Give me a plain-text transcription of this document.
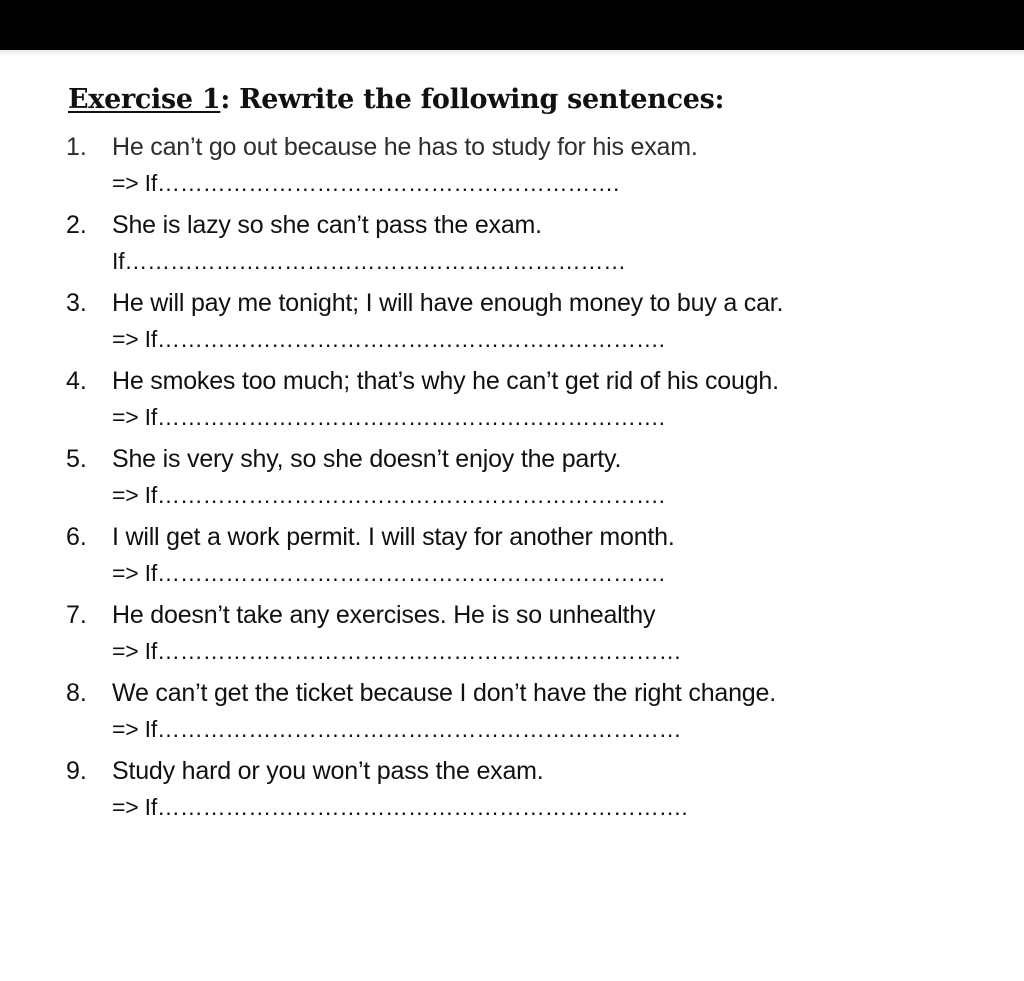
Exercise 1: Rewrite the following sentences:
1. He can’t go out because he has to study for his exam.
=> If…………………………………………………….
2. She is lazy so she can’t pass the exam.
If…………………………………………………………
3. He will pay me tonight; I will have enough money to buy a car.
=> If………………………………………………………….
4. He smokes too much; that’s why he can’t get rid of his cough.
=> If………………………………………………………….
5. She is very shy, so she doesn’t enjoy the party.
=> If………………………………………………………….
6. I will get a work permit. I will stay for another month.
=> If………………………………………………………….
7. He doesn’t take any exercises. He is so unhealthy
=> If……………………………………………………………
8. We can’t get the ticket because I don’t have the right change.
=> If……………………………………………………………
9. Study hard or you won’t pass the exam.
=> If…………………………………………………………….
